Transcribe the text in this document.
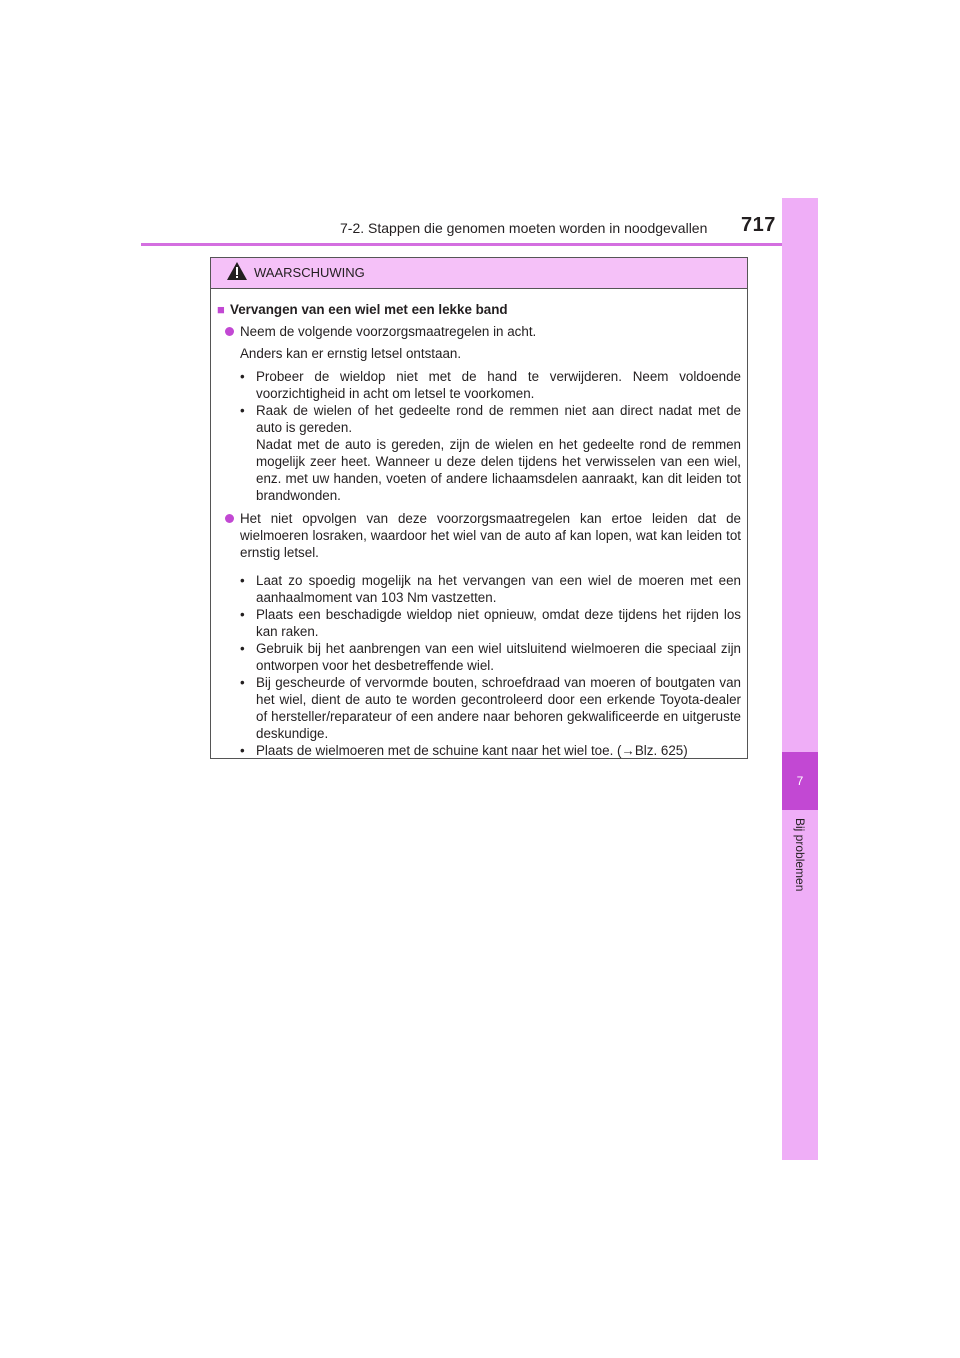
7-2. Stappen die genomen moeten worden in noodgevallen 717
7
Bij problemen
WAARSCHUWING
■ Vervangen van een wiel met een lekke band
Neem de volgende voorzorgsmaatregelen in acht.
Anders kan er ernstig letsel ontstaan.
• Probeer de wieldop niet met de hand te verwijderen. Neem voldoende voorzichtigheid in acht om letsel te voorkomen.
• Raak de wielen of het gedeelte rond de remmen niet aan direct nadat met de auto is gereden.
Nadat met de auto is gereden, zijn de wielen en het gedeelte rond de remmen mogelijk zeer heet. Wanneer u deze delen tijdens het verwisselen van een wiel, enz. met uw handen, voeten of andere lichaamsdelen aanraakt, kan dit leiden tot brandwonden.
Het niet opvolgen van deze voorzorgsmaatregelen kan ertoe leiden dat de wielmoeren losraken, waardoor het wiel van de auto af kan lopen, wat kan leiden tot ernstig letsel.
• Laat zo spoedig mogelijk na het vervangen van een wiel de moeren met een aanhaalmoment van 103 Nm vastzetten.
• Plaats een beschadigde wieldop niet opnieuw, omdat deze tijdens het rijden los kan raken.
• Gebruik bij het aanbrengen van een wiel uitsluitend wielmoeren die speciaal zijn ontworpen voor het desbetreffende wiel.
• Bij gescheurde of vervormde bouten, schroefdraad van moeren of boutgaten van het wiel, dient de auto te worden gecontroleerd door een erkende Toyota-dealer of hersteller/reparateur of een andere naar behoren gekwalificeerde en uitgeruste deskundige.
• Plaats de wielmoeren met de schuine kant naar het wiel toe. (→Blz. 625)
